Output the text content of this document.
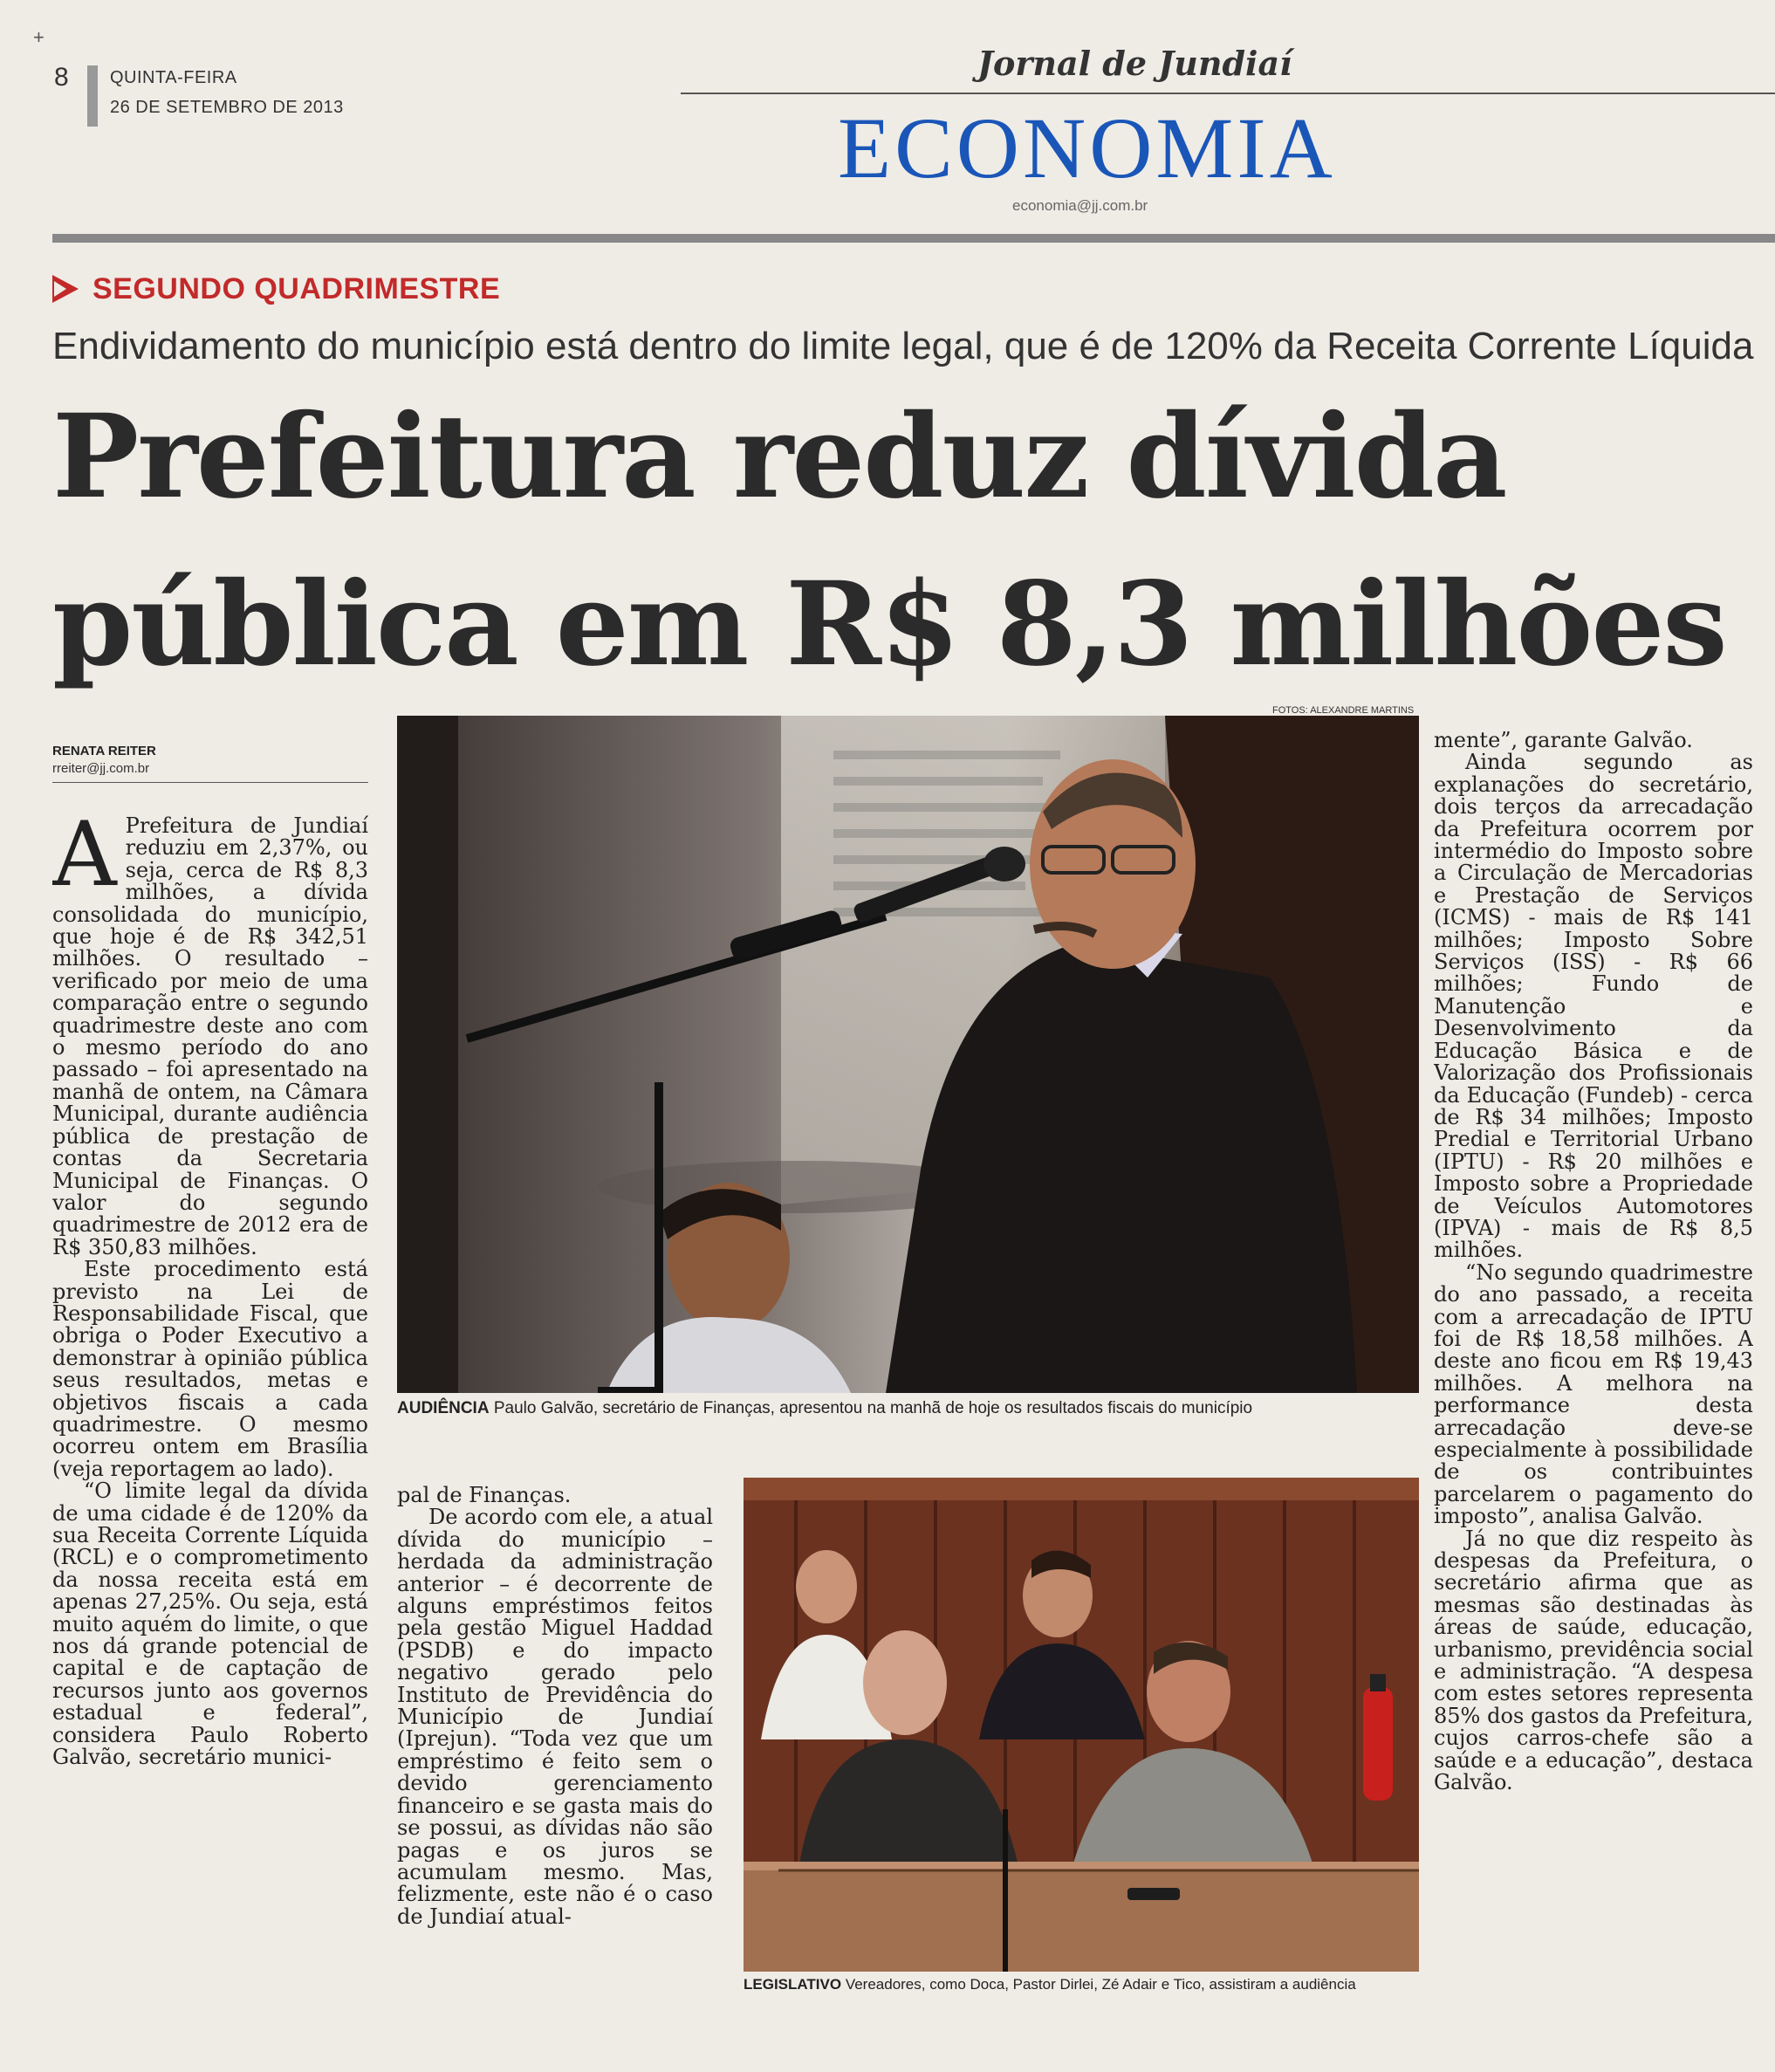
+
8 QUINTA-FEIRA
26 DE SETEMBRO DE 2013
Jornal de Jundiaí
ECONOMIA
economia@jj.com.br
SEGUNDO QUADRIMESTRE
Endividamento do município está dentro do limite legal, que é de 120% da Receita Corrente Líquida
Prefeitura reduz dívida
pública em R$ 8,3 milhões
FOTOS: ALEXANDRE MARTINS
RENATA REITER
rreiter@jj.com.br

A Prefeitura de Jundiaí reduziu em 2,37%, ou seja, cerca de R$ 8,3 milhões, a dívida consolidada do município, que hoje é de R$ 342,51 milhões. O resultado – verificado por meio de uma comparação entre o segundo quadrimestre deste ano com o mesmo período do ano passado – foi apresentado na manhã de ontem, na Câmara Municipal, durante audiência pública de prestação de contas da Secretaria Municipal de Finanças. O valor do segundo quadrimestre de 2012 era de R$ 350,83 milhões.

Este procedimento está previsto na Lei de Responsabilidade Fiscal, que obriga o Poder Executivo a demonstrar à opinião pública seus resultados, metas e objetivos fiscais a cada quadrimestre. O mesmo ocorreu ontem em Brasília (veja reportagem ao lado).

“O limite legal da dívida de uma cidade é de 120% da sua Receita Corrente Líquida (RCL) e o comprometimento da nossa receita está em apenas 27,25%. Ou seja, está muito aquém do limite, o que nos dá grande potencial de capital e de captação de recursos junto aos governos estadual e federal”, considera Paulo Roberto Galvão, secretário munici-

AUDIÊNCIA Paulo Galvão, secretário de Finanças, apresentou na manhã de hoje os resultados fiscais do município

pal de Finanças.

De acordo com ele, a atual dívida do município – herdada da administração anterior – é decorrente de alguns empréstimos feitos pela gestão Miguel Haddad (PSDB) e do impacto negativo gerado pelo Instituto de Previdência do Município de Jundiaí (Iprejun). “Toda vez que um empréstimo é feito sem o devido gerenciamento financeiro e se gasta mais do se possui, as dívidas não são pagas e os juros se acumulam mesmo. Mas, felizmente, este não é o caso de Jundiaí atual-

LEGISLATIVO Vereadores, como Doca, Pastor Dirlei, Zé Adair e Tico, assistiram a audiência

mente”, garante Galvão.

Ainda segundo as explanações do secretário, dois terços da arrecadação da Prefeitura ocorrem por intermédio do Imposto sobre a Circulação de Mercadorias e Prestação de Serviços (ICMS) - mais de R$ 141 milhões; Imposto Sobre Serviços (ISS) - R$ 66 milhões; Fundo de Manutenção e Desenvolvimento da Educação Básica e de Valorização dos Profissionais da Educação (Fundeb) - cerca de R$ 34 milhões; Imposto Predial e Territorial Urbano (IPTU) - R$ 20 milhões e Imposto sobre a Propriedade de Veículos Automotores (IPVA) - mais de R$ 8,5 milhões.

“No segundo quadrimestre do ano passado, a receita com a arrecadação de IPTU foi de R$ 18,58 milhões. A deste ano ficou em R$ 19,43 milhões. A melhora na performance desta arrecadação deve-se especialmente à possibilidade de os contribuintes parcelarem o pagamento do imposto”, analisa Galvão.

Já no que diz respeito às despesas da Prefeitura, o secretário afirma que as mesmas são destinadas às áreas de saúde, educação, urbanismo, previdência social e administração. “A despesa com estes setores representa 85% dos gastos da Prefeitura, cujos carros-chefe são a saúde e a educação”, destaca Galvão.
